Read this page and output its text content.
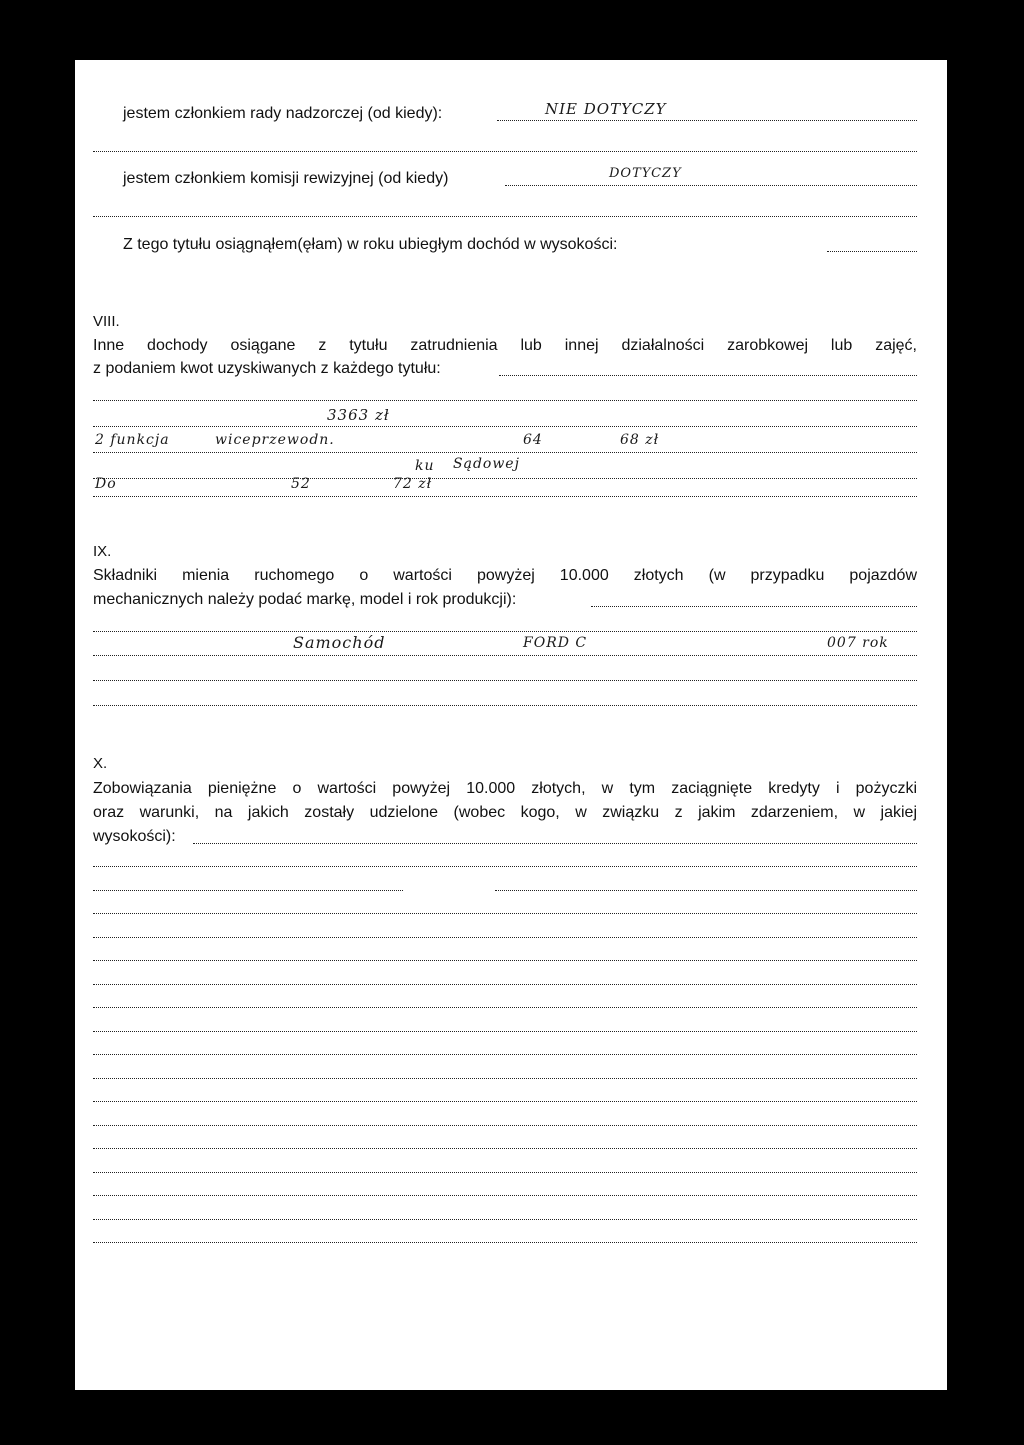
jestem członkiem rady nadzorczej (od kiedy):	NIE DOTYCZY
jestem członkiem komisji rewizyjnej (od kiedy)	DOTYCZY
Z tego tytułu osiągnąłem(ęłam) w roku ubiegłym dochód w wysokości:
VIII.
Inne dochody osiągane z tytułu zatrudnienia lub innej działalności zarobkowej lub zajęć,
z podaniem kwot uzyskiwanych z każdego tytułu:
3363 zł
2 funkcja	wiceprzewodn.	64	68 zł
ku Sądowej
Do	52	72 zł
IX.
Składniki mienia ruchomego o wartości powyżej 10.000 złotych (w przypadku pojazdów
mechanicznych należy podać markę, model i rok produkcji):
Samochód	FORD C	007 rok
X.
Zobowiązania pieniężne o wartości powyżej 10.000 złotych, w tym zaciągnięte kredyty i pożyczki
oraz warunki, na jakich zostały udzielone (wobec kogo, w związku z jakim zdarzeniem, w jakiej
wysokości):
